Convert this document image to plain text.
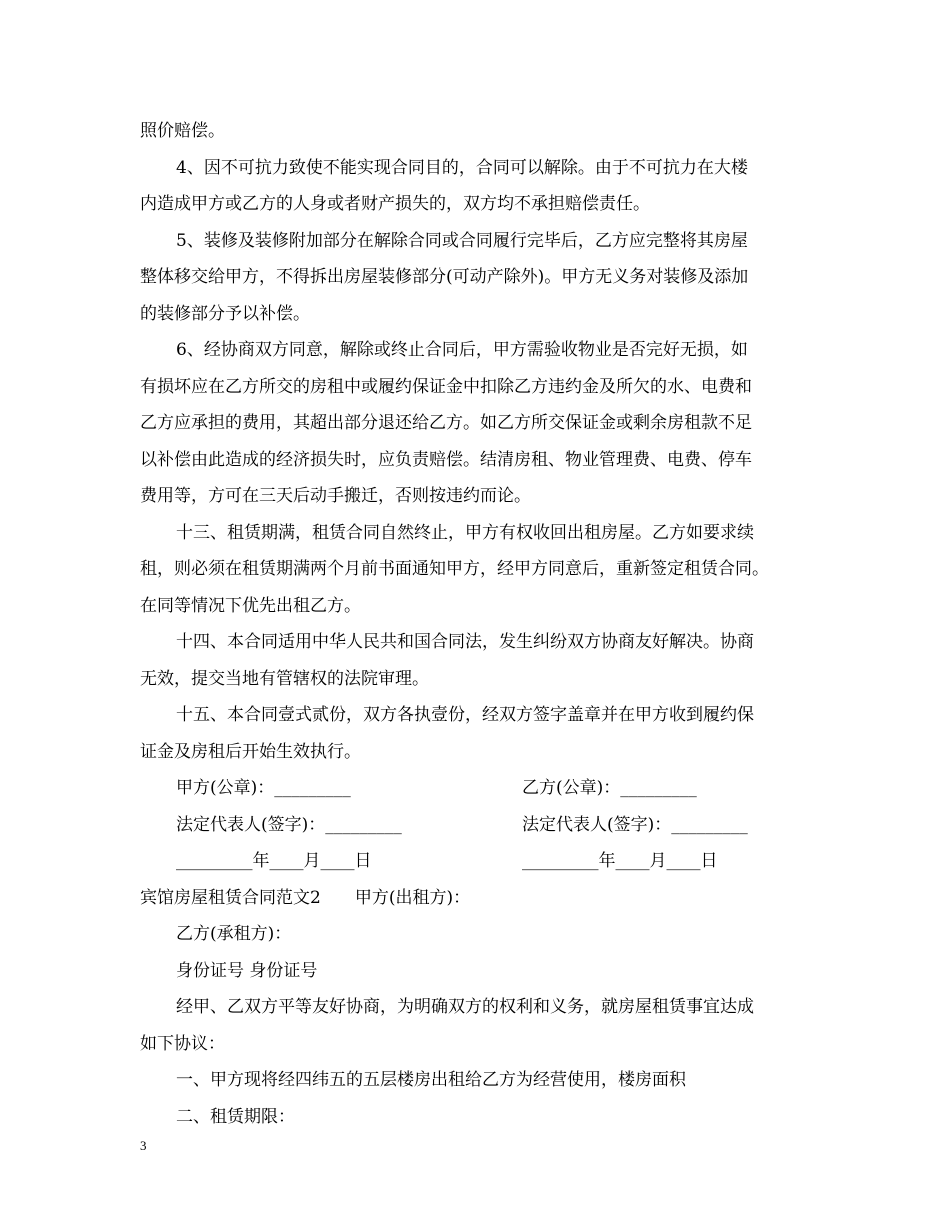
照价赔偿。
4、因不可抗力致使不能实现合同目的，合同可以解除。由于不可抗力在大楼
内造成甲方或乙方的人身或者财产损失的，双方均不承担赔偿责任。
5、装修及装修附加部分在解除合同或合同履行完毕后，乙方应完整将其房屋
整体移交给甲方，不得拆出房屋装修部分(可动产除外)。甲方无义务对装修及添加
的装修部分予以补偿。
6、经协商双方同意，解除或终止合同后，甲方需验收物业是否完好无损，如
有损坏应在乙方所交的房租中或履约保证金中扣除乙方违约金及所欠的水、电费和
乙方应承担的费用，其超出部分退还给乙方。如乙方所交保证金或剩余房租款不足
以补偿由此造成的经济损失时，应负责赔偿。结清房租、物业管理费、电费、停车
费用等，方可在三天后动手搬迁，否则按违约而论。
十三、租赁期满，租赁合同自然终止，甲方有权收回出租房屋。乙方如要求续
租，则必须在租赁期满两个月前书面通知甲方，经甲方同意后，重新签定租赁合同。
在同等情况下优先出租乙方。
十四、本合同适用中华人民共和国合同法，发生纠纷双方协商友好解决。协商
无效，提交当地有管辖权的法院审理。
十五、本合同壹式贰份，双方各执壹份，经双方签字盖章并在甲方收到履约保
证金及房租后开始生效执行。
甲方(公章)：_________	乙方(公章)：_________
法定代表人(签字)：_________	法定代表人(签字)：_________
_________年____月____日	_________年____月____日
宾馆房屋租赁合同范文2　　甲方(出租方)：
乙方(承租方)：
身份证号 身份证号
经甲、乙双方平等友好协商，为明确双方的权利和义务，就房屋租赁事宜达成
如下协议：
一、甲方现将经四纬五的五层楼房出租给乙方为经营使用，楼房面积
二、租赁期限：
3
